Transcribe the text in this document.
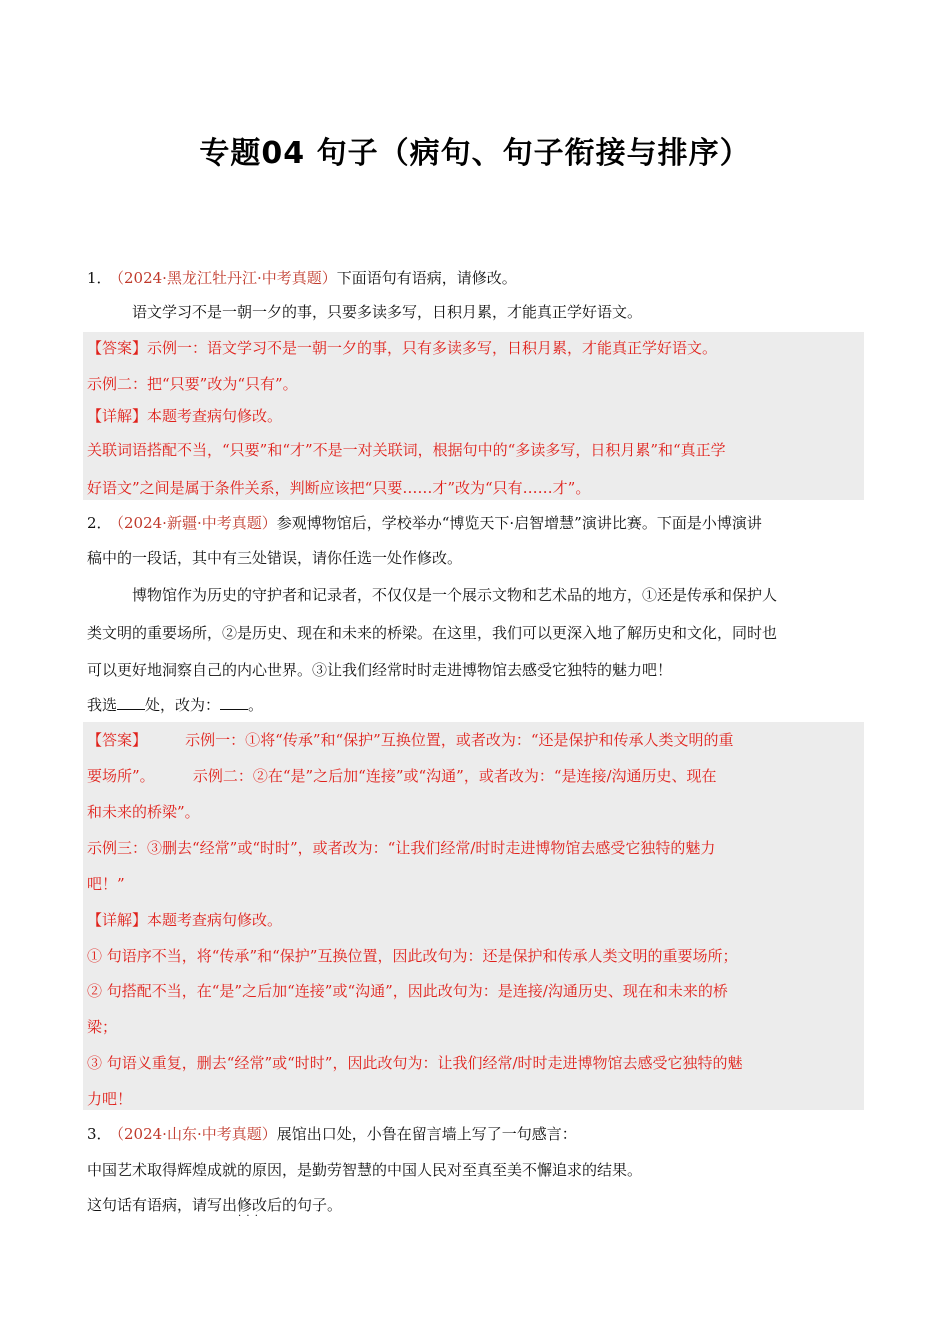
专题04 句子（病句、句子衔接与排序）
1．（2024·黑龙江牡丹江·中考真题）下面语句有语病，请修改。
语文学习不是一朝一夕的事，只要多读多写，日积月累，才能真正学好语文。
【答案】示例一：语文学习不是一朝一夕的事，只有多读多写，日积月累，才能真正学好语文。
示例二：把“只要”改为“只有”。
【详解】本题考查病句修改。
关联词语搭配不当，“只要”和“才”不是一对关联词，根据句中的“多读多写，日积月累”和“真正学
好语文”之间是属于条件关系，判断应该把“只要……才”改为“只有……才”。
2．（2024·新疆·中考真题）参观博物馆后，学校举办“博览天下·启智增慧”演讲比赛。下面是小博演讲
稿中的一段话，其中有三处错误，请你任选一处作修改。
博物馆作为历史的守护者和记录者，不仅仅是一个展示文物和艺术品的地方，①还是传承和保护人
类文明的重要场所，②是历史、现在和未来的桥梁。在这里，我们可以更深入地了解历史和文化，同时也
可以更好地洞察自己的内心世界。③让我们经常时时走进博物馆去感受它独特的魅力吧！
我选 处，改为： 。
【答案】        示例一：①将“传承”和“保护”互换位置，或者改为：“还是保护和传承人类文明的重
要场所”。        示例二：②在“是”之后加“连接”或“沟通”，或者改为：“是连接/沟通历史、现在
和未来的桥梁”。
示例三：③删去“经常”或“时时”，或者改为：“让我们经常/时时走进博物馆去感受它独特的魅力
吧！”
【详解】本题考查病句修改。
① 句语序不当，将“传承”和“保护”互换位置，因此改句为：还是保护和传承人类文明的重要场所；
② 句搭配不当，在“是”之后加“连接”或“沟通”，因此改句为：是连接/沟通历史、现在和未来的桥
梁；
③ 句语义重复，删去“经常”或“时时”，因此改句为：让我们经常/时时走进博物馆去感受它独特的魅
力吧！
3．（2024·山东·中考真题）展馆出口处，小鲁在留言墙上写了一句感言：
中国艺术取得辉煌成就的原因，是勤劳智慧的中国人民对至真至美不懈追求的结果。
这句话有语病，请写出修改后 · · ·的句子。
